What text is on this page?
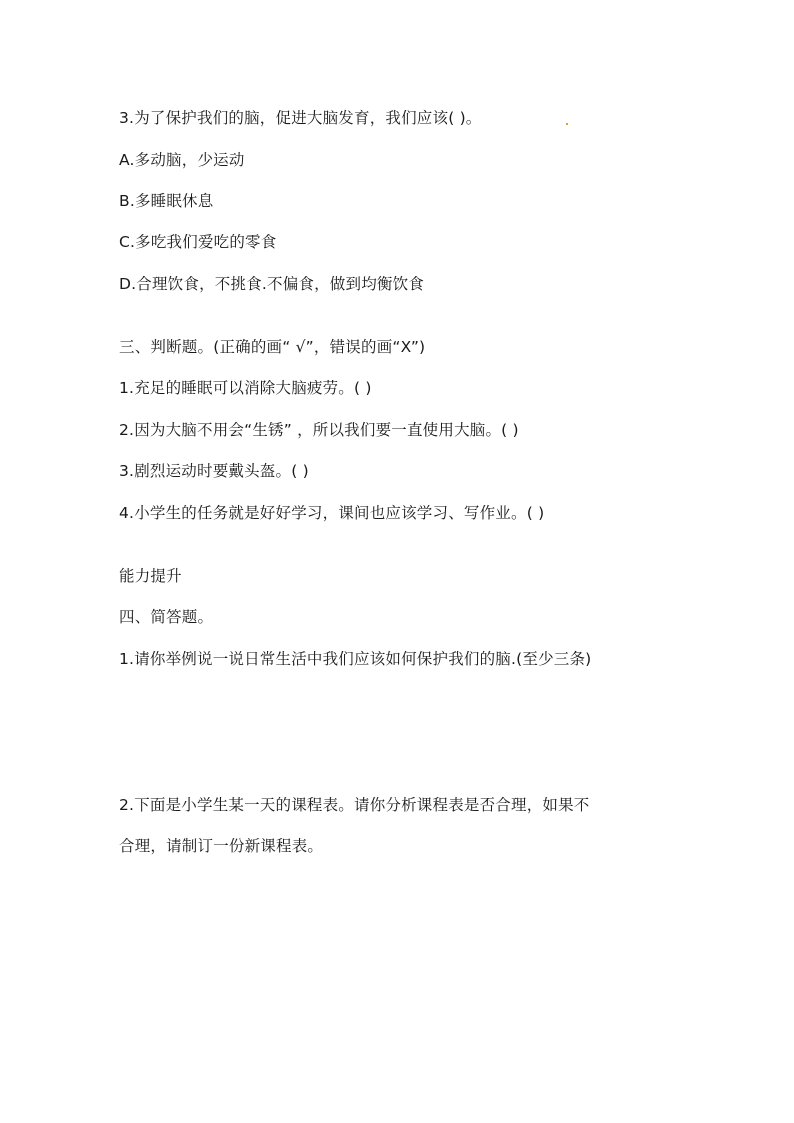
3.为了保护我们的脑，促进大脑发育，我们应该( )。
A.多动脑，少运动
B.多睡眠休息
C.多吃我们爱吃的零食
D.合理饮食，不挑食.不偏食，做到均衡饮食
三、判断题。(正确的画“ √”，错误的画“X”)
1.充足的睡眠可以消除大脑疲劳。( )
2.因为大脑不用会“生锈” ，所以我们要一直使用大脑。( )
3.剧烈运动时要戴头盔。( )
4.小学生的任务就是好好学习，课间也应该学习、写作业。( )
能力提升
四、简答题。
1.请你举例说一说日常生活中我们应该如何保护我们的脑.(至少三条)
2.下面是小学生某一天的课程表。请你分析课程表是否合理，如果不
合理，请制订一份新课程表。
